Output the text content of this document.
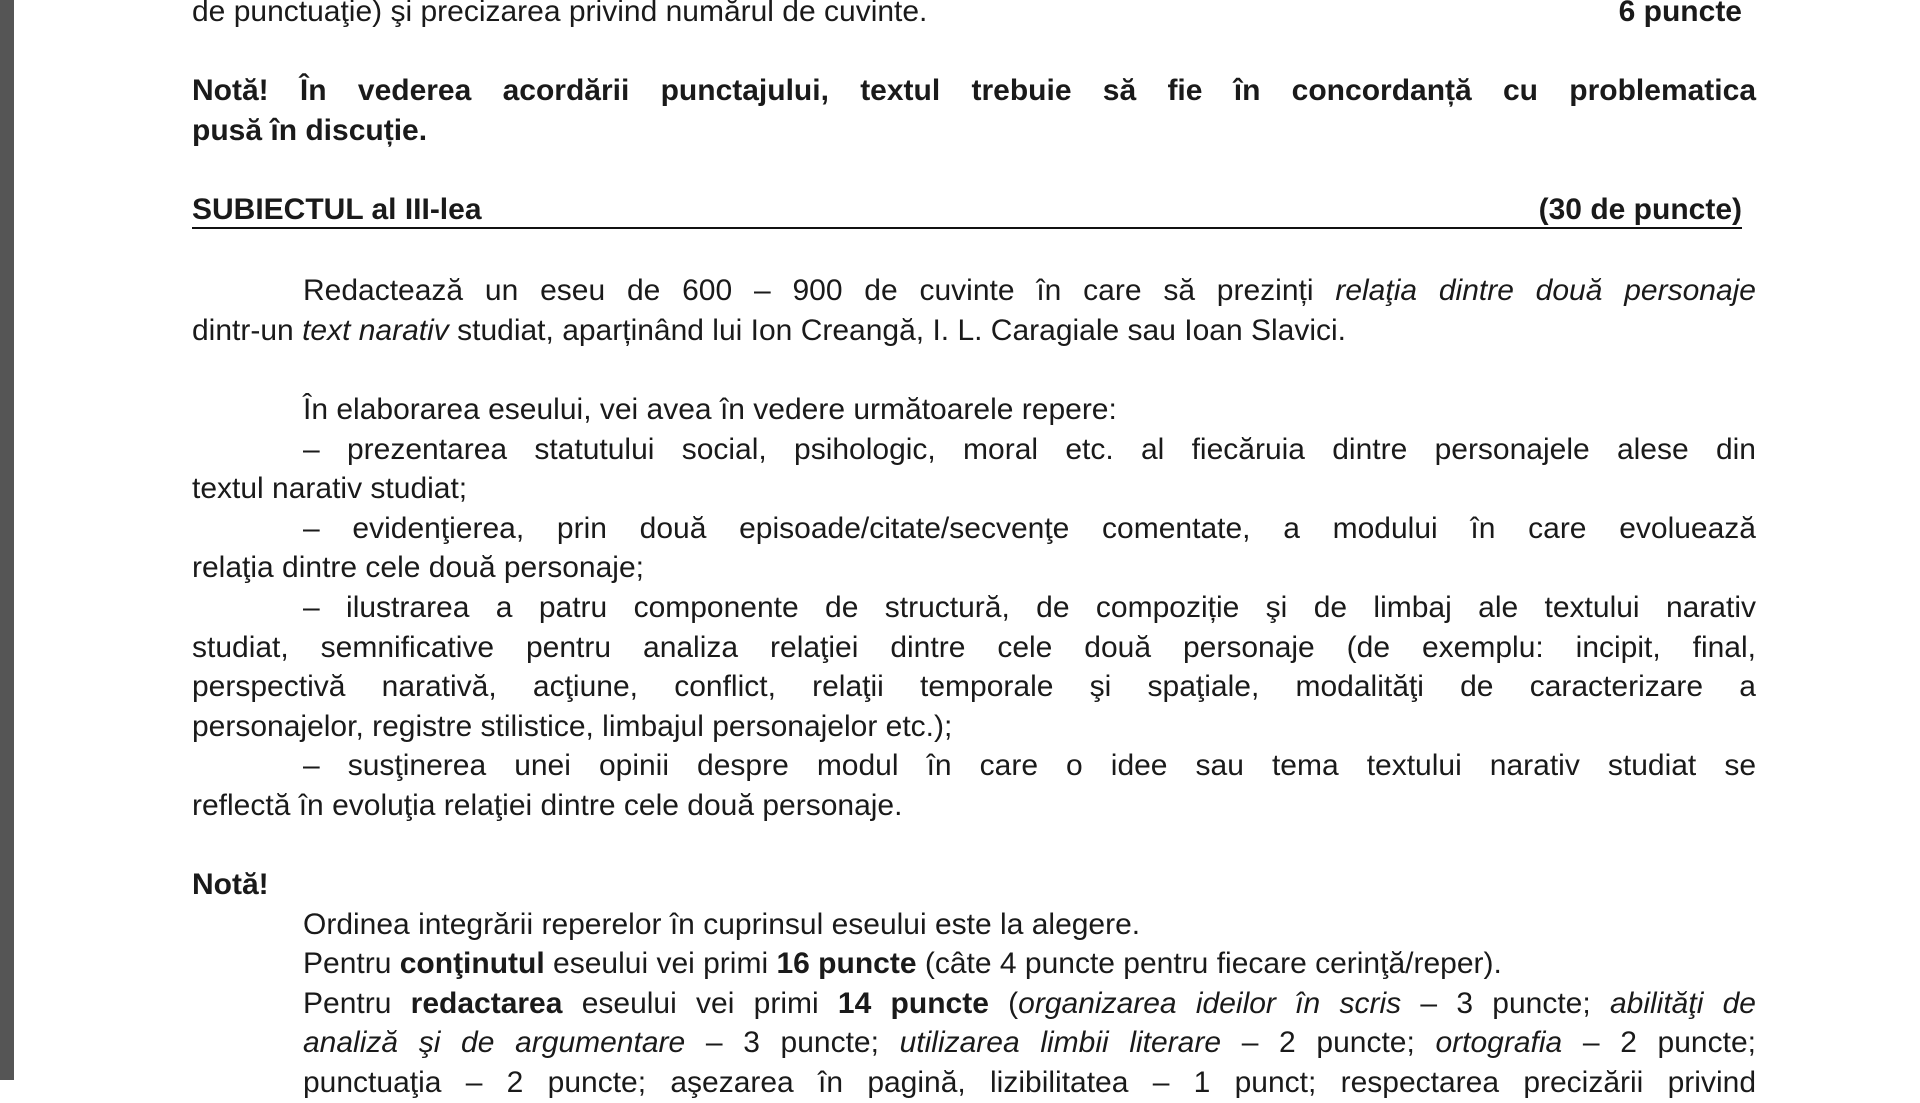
de punctuaţie) şi precizarea privind numărul de cuvinte.	6 puncte
Notă! În vederea acordării punctajului, textul trebuie să fie în concordanță cu problematica
pusă în discuție.
SUBIECTUL al III-lea	(30 de puncte)
Redactează un eseu de 600 – 900 de cuvinte în care să prezinți relaţia dintre două personaje
dintr-un text narativ studiat, aparținând lui Ion Creangă, I. L. Caragiale sau Ioan Slavici.
În elaborarea eseului, vei avea în vedere următoarele repere:
– prezentarea statutului social, psihologic, moral etc. al fiecăruia dintre personajele alese din
textul narativ studiat;
– evidenţierea, prin două episoade/citate/secvenţe comentate, a modului în care evoluează
relaţia dintre cele două personaje;
– ilustrarea a patru componente de structură, de compoziție şi de limbaj ale textului narativ
studiat, semnificative pentru analiza relaţiei dintre cele două personaje (de exemplu: incipit, final,
perspectivă narativă, acţiune, conflict, relaţii temporale şi spaţiale, modalităţi de caracterizare a
personajelor, registre stilistice, limbajul personajelor etc.);
– susţinerea unei opinii despre modul în care o idee sau tema textului narativ studiat se
reflectă în evoluţia relaţiei dintre cele două personaje.
Notă!
Ordinea integrării reperelor în cuprinsul eseului este la alegere.
Pentru conţinutul eseului vei primi 16 puncte (câte 4 puncte pentru fiecare cerinţă/reper).
Pentru redactarea eseului vei primi 14 puncte (organizarea ideilor în scris – 3 puncte; abilităţi de
analiză şi de argumentare – 3 puncte; utilizarea limbii literare – 2 puncte; ortografia – 2 puncte;
punctuaţia – 2 puncte; aşezarea în pagină, lizibilitatea – 1 punct; respectarea precizării privind
